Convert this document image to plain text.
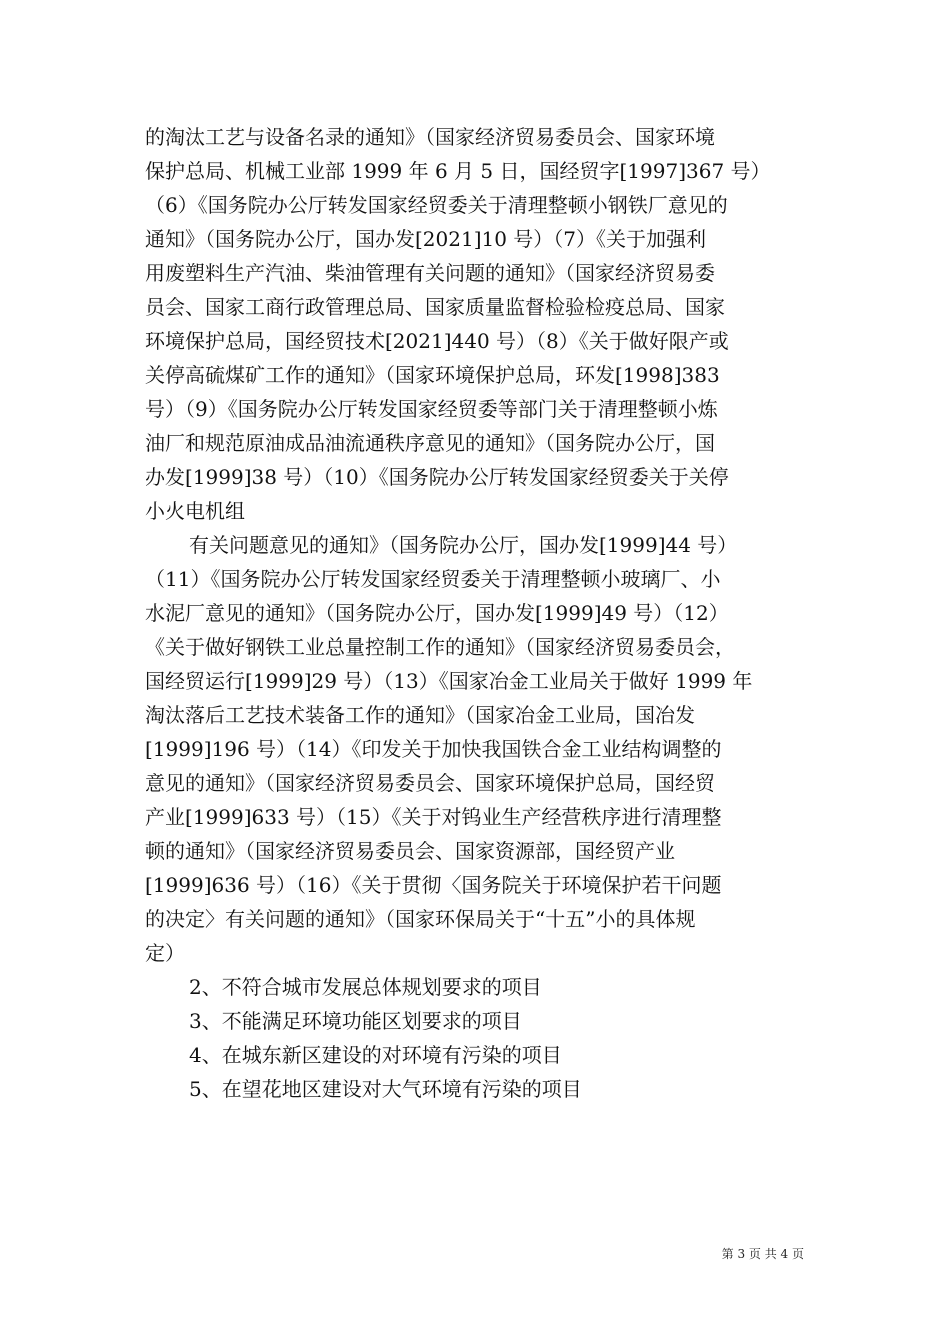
的淘汰工艺与设备名录的通知》（国家经济贸易委员会、国家环境
保护总局、机械工业部 1999 年 6 月 5 日，国经贸字[1997]367 号）
（6）《国务院办公厅转发国家经贸委关于清理整顿小钢铁厂意见的
通知》（国务院办公厅，国办发[2021]10 号）（7）《关于加强利
用废塑料生产汽油、柴油管理有关问题的通知》（国家经济贸易委
员会、国家工商行政管理总局、国家质量监督检验检疫总局、国家
环境保护总局，国经贸技术[2021]440 号）（8）《关于做好限产或
关停高硫煤矿工作的通知》（国家环境保护总局，环发[1998]383
号）（9）《国务院办公厅转发国家经贸委等部门关于清理整顿小炼
油厂和规范原油成品油流通秩序意见的通知》（国务院办公厅，国
办发[1999]38 号）（10）《国务院办公厅转发国家经贸委关于关停
小火电机组
有关问题意见的通知》（国务院办公厅，国办发[1999]44 号）
（11）《国务院办公厅转发国家经贸委关于清理整顿小玻璃厂、小
水泥厂意见的通知》（国务院办公厅，国办发[1999]49 号）（12）
《关于做好钢铁工业总量控制工作的通知》（国家经济贸易委员会，
国经贸运行[1999]29 号）（13）《国家冶金工业局关于做好 1999 年
淘汰落后工艺技术装备工作的通知》（国家冶金工业局，国冶发
[1999]196 号）（14）《印发关于加快我国铁合金工业结构调整的
意见的通知》（国家经济贸易委员会、国家环境保护总局，国经贸
产业[1999]633 号）（15）《关于对钨业生产经营秩序进行清理整
顿的通知》（国家经济贸易委员会、国家资源部，国经贸产业
[1999]636 号）（16）《关于贯彻〈国务院关于环境保护若干问题
的决定〉有关问题的通知》（国家环保局关于“十五”小的具体规
定）
2、不符合城市发展总体规划要求的项目
3、不能满足环境功能区划要求的项目
4、在城东新区建设的对环境有污染的项目
5、在望花地区建设对大气环境有污染的项目
第 3 页 共 4 页
